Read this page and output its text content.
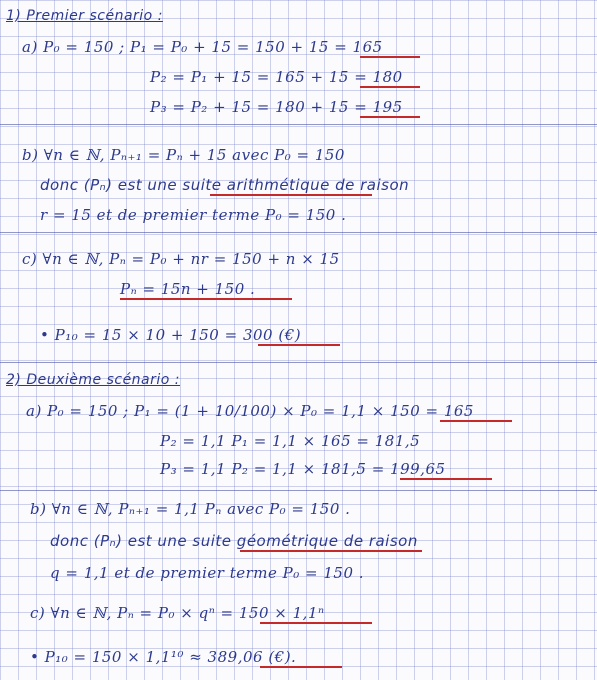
1) Premier scénario :
a) P₀ = 150 ; P₁ = P₀ + 15 = 150 + 15 = 165
P₂ = P₁ + 15 = 165 + 15 = 180
P₃ = P₂ + 15 = 180 + 15 = 195
b) ∀n ∈ ℕ, Pₙ₊₁ = Pₙ + 15 avec P₀ = 150
donc (Pₙ) est une suite arithmétique de raison
r = 15 et de premier terme P₀ = 150 .
c) ∀n ∈ ℕ, Pₙ = P₀ + nr = 150 + n × 15
Pₙ = 15n + 150 .
• P₁₀ = 15 × 10 + 150 = 300 (€)
2) Deuxième scénario :
a) P₀ = 150 ; P₁ = (1 + 10/100) × P₀ = 1,1 × 150 = 165
P₂ = 1,1 P₁ = 1,1 × 165 = 181,5
P₃ = 1,1 P₂ = 1,1 × 181,5 = 199,65
b) ∀n ∈ ℕ, Pₙ₊₁ = 1,1 Pₙ avec P₀ = 150 .
donc (Pₙ) est une suite géométrique de raison
q = 1,1 et de premier terme P₀ = 150 .
c) ∀n ∈ ℕ, Pₙ = P₀ × qⁿ = 150 × 1,1ⁿ
• P₁₀ = 150 × 1,1¹⁰ ≈ 389,06 (€).
